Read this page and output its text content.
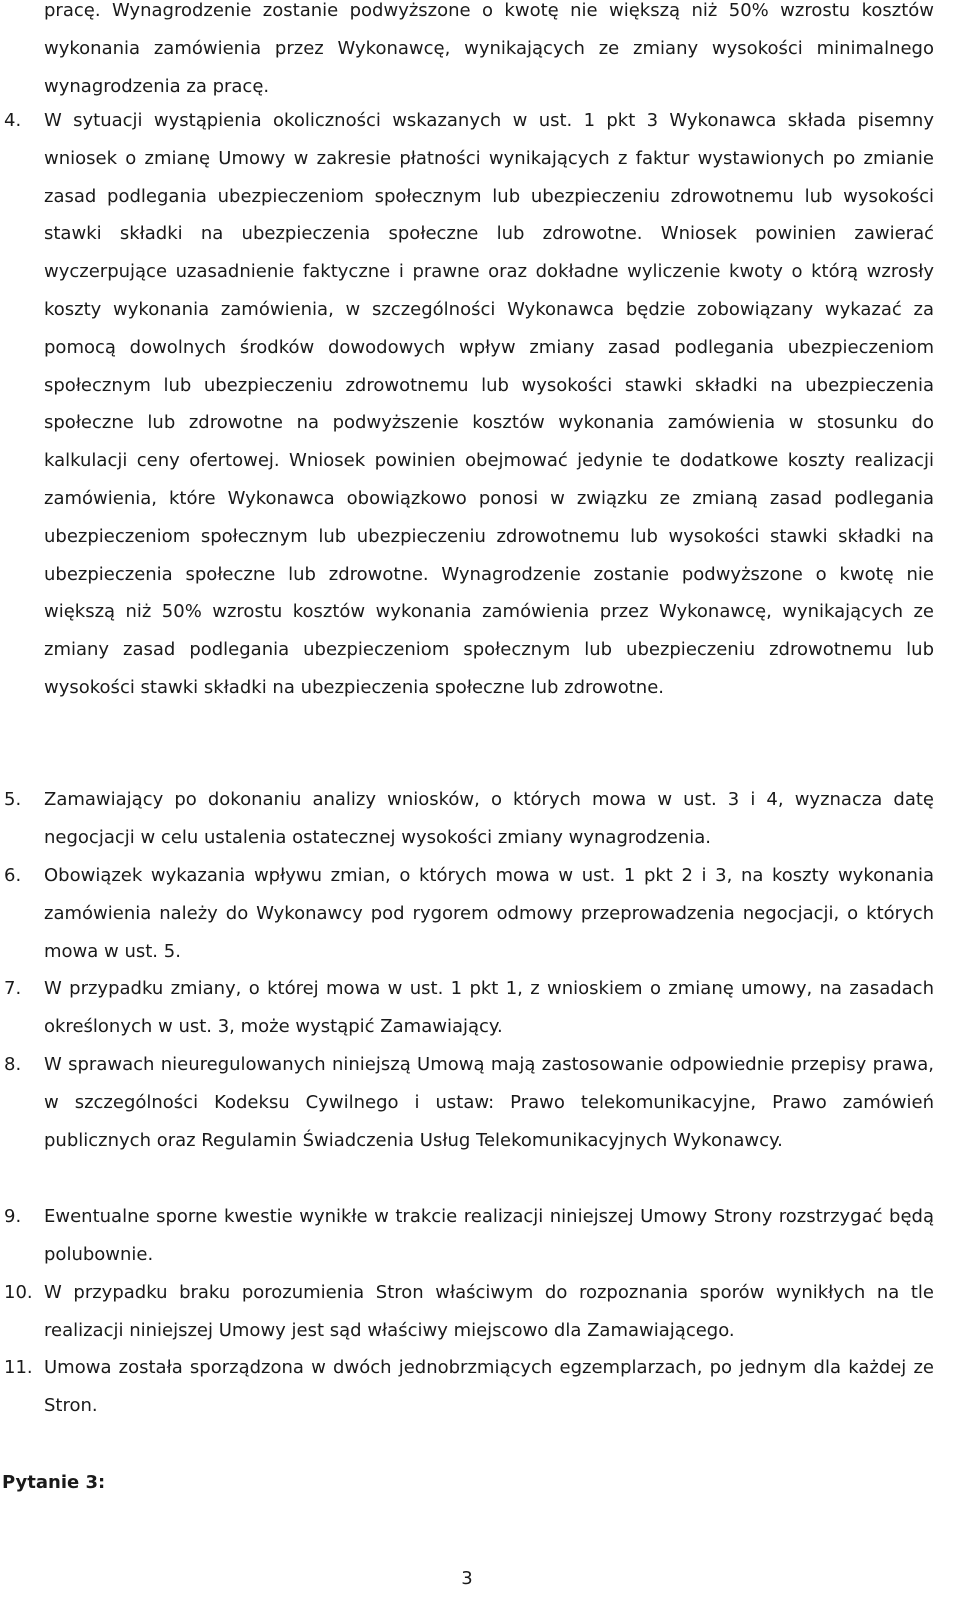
pracę. Wynagrodzenie zostanie podwyższone o kwotę nie większą niż 50% wzrostu kosztów wykonania zamówienia przez Wykonawcę, wynikających ze zmiany wysokości minimalnego wynagrodzenia za pracę.

4. W sytuacji wystąpienia okoliczności wskazanych w ust. 1 pkt 3 Wykonawca składa pisemny wniosek o zmianę Umowy w zakresie płatności wynikających z faktur wystawionych po zmianie zasad podlegania ubezpieczeniom społecznym lub ubezpieczeniu zdrowotnemu lub wysokości stawki składki na ubezpieczenia społeczne lub zdrowotne. Wniosek powinien zawierać wyczerpujące uzasadnienie faktyczne i prawne oraz dokładne wyliczenie kwoty o którą wzrosły koszty wykonania zamówienia, w szczególności Wykonawca będzie zobowiązany wykazać za pomocą dowolnych środków dowodowych wpływ zmiany zasad podlegania ubezpieczeniom społecznym lub ubezpieczeniu zdrowotnemu lub wysokości stawki składki na ubezpieczenia społeczne lub zdrowotne na podwyższenie kosztów wykonania zamówienia w stosunku do kalkulacji ceny ofertowej. Wniosek powinien obejmować jedynie te dodatkowe koszty realizacji zamówienia, które Wykonawca obowiązkowo ponosi w związku ze zmianą zasad podlegania ubezpieczeniom społecznym lub ubezpieczeniu zdrowotnemu lub wysokości stawki składki na ubezpieczenia społeczne lub zdrowotne. Wynagrodzenie zostanie podwyższone o kwotę nie większą niż 50% wzrostu kosztów wykonania zamówienia przez Wykonawcę, wynikających ze zmiany zasad podlegania ubezpieczeniom społecznym lub ubezpieczeniu zdrowotnemu lub wysokości stawki składki na ubezpieczenia społeczne lub zdrowotne.
5. Zamawiający po dokonaniu analizy wniosków, o których mowa w ust. 3 i 4, wyznacza datę negocjacji w celu ustalenia ostatecznej wysokości zmiany wynagrodzenia.
6. Obowiązek wykazania wpływu zmian, o których mowa w ust. 1 pkt 2 i 3, na koszty wykonania zamówienia należy do Wykonawcy pod rygorem odmowy przeprowadzenia negocjacji, o których mowa w ust. 5.
7. W przypadku zmiany, o której mowa w ust. 1 pkt 1, z wnioskiem o zmianę umowy, na zasadach określonych w ust. 3, może wystąpić Zamawiający.
8. W sprawach nieuregulowanych niniejszą Umową mają zastosowanie odpowiednie przepisy prawa, w szczególności Kodeksu Cywilnego i ustaw: Prawo telekomunikacyjne, Prawo zamówień publicznych oraz Regulamin Świadczenia Usług Telekomunikacyjnych Wykonawcy.
9. Ewentualne sporne kwestie wynikłe w trakcie realizacji niniejszej Umowy Strony rozstrzygać będą polubownie.
10. W przypadku braku porozumienia Stron właściwym do rozpoznania sporów wynikłych na tle realizacji niniejszej Umowy jest sąd właściwy miejscowo dla Zamawiającego.
11. Umowa została sporządzona w dwóch jednobrzmiących egzemplarzach, po jednym dla każdej ze Stron.

Pytanie 3:

3
